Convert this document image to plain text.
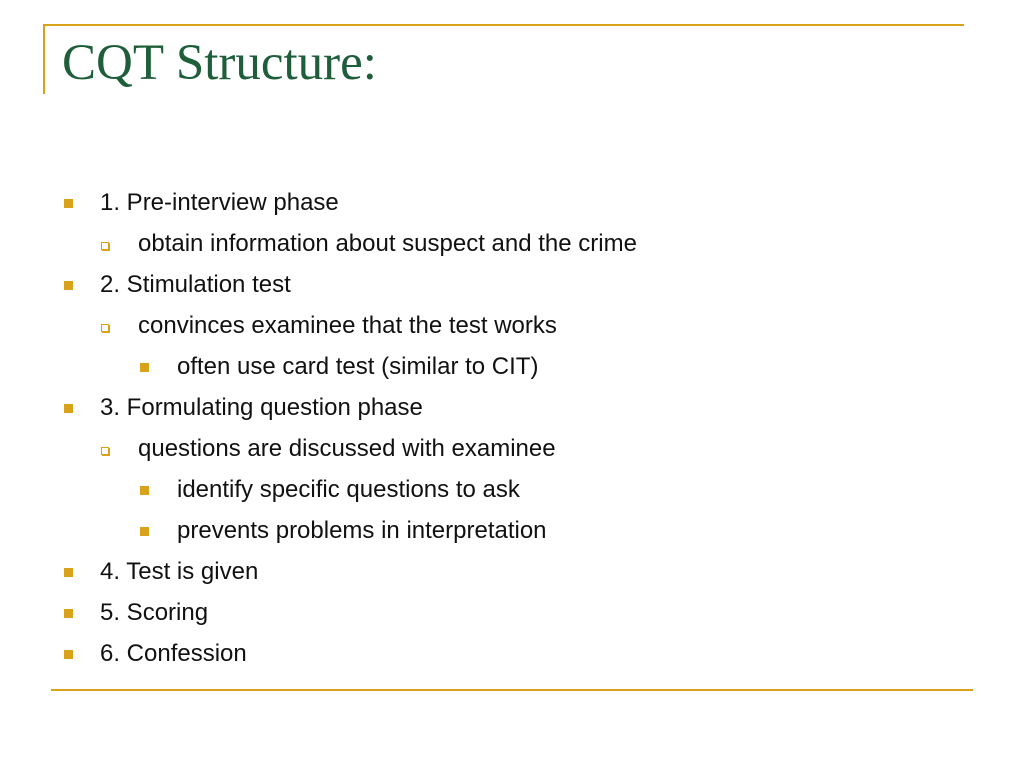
CQT Structure:
1. Pre-interview phase
obtain information about suspect and the crime
2. Stimulation test
convinces examinee that the test works
often use card test (similar to CIT)
3. Formulating question phase
questions are discussed with examinee
identify specific questions to ask
prevents problems in interpretation
4. Test is given
5. Scoring
6. Confession
